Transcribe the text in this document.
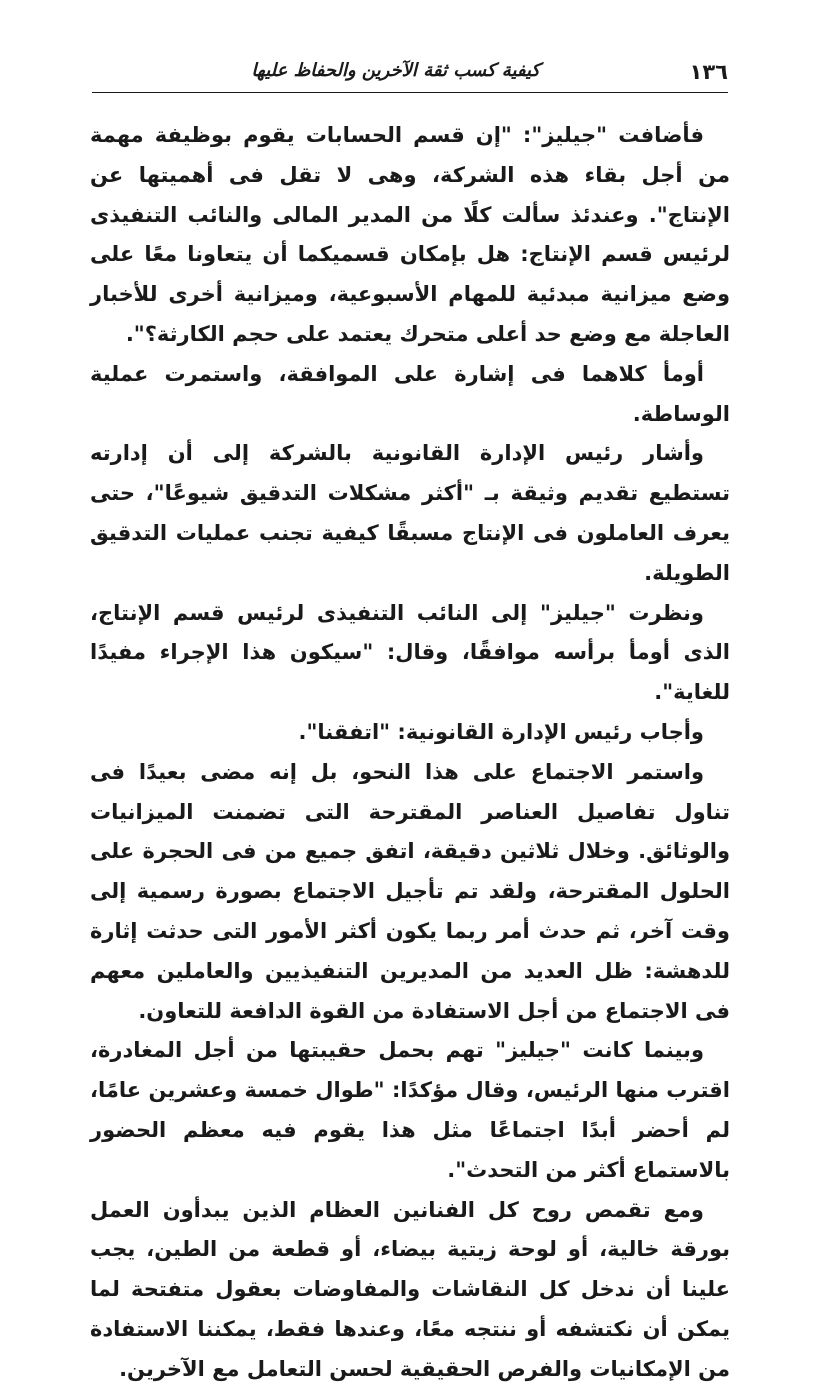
١٣٦
كيفية كسب ثقة الآخرين والحفاظ عليها

فأضافت "جيليز": "إن قسم الحسابات يقوم بوظيفة مهمة من أجل بقاء هذه الشركة، وهى لا تقل فى أهميتها عن الإنتاج". وعندئذ سألت كلًا من المدير المالى والنائب التنفيذى لرئيس قسم الإنتاج: هل بإمكان قسميكما أن يتعاونا معًا على وضع ميزانية مبدئية للمهام الأسبوعية، وميزانية أخرى للأخبار العاجلة مع وضع حد أعلى متحرك يعتمد على حجم الكارثة؟".

أومأ كلاهما فى إشارة على الموافقة، واستمرت عملية الوساطة.

وأشار رئيس الإدارة القانونية بالشركة إلى أن إدارته تستطيع تقديم وثيقة بـ "أكثر مشكلات التدقيق شيوعًا"، حتى يعرف العاملون فى الإنتاج مسبقًا كيفية تجنب عمليات التدقيق الطويلة.

ونظرت "جيليز" إلى النائب التنفيذى لرئيس قسم الإنتاج، الذى أومأ برأسه موافقًا، وقال: "سيكون هذا الإجراء مفيدًا للغاية".

وأجاب رئيس الإدارة القانونية: "اتفقنا".

واستمر الاجتماع على هذا النحو، بل إنه مضى بعيدًا فى تناول تفاصيل العناصر المقترحة التى تضمنت الميزانيات والوثائق. وخلال ثلاثين دقيقة، اتفق جميع من فى الحجرة على الحلول المقترحة، ولقد تم تأجيل الاجتماع بصورة رسمية إلى وقت آخر، ثم حدث أمر ربما يكون أكثر الأمور التى حدثت إثارة للدهشة: ظل العديد من المديرين التنفيذيين والعاملين معهم فى الاجتماع من أجل الاستفادة من القوة الدافعة للتعاون.

وبينما كانت "جيليز" تهم بحمل حقيبتها من أجل المغادرة، اقترب منها الرئيس، وقال مؤكدًا: "طوال خمسة وعشرين عامًا، لم أحضر أبدًا اجتماعًا مثل هذا يقوم فيه معظم الحضور بالاستماع أكثر من التحدث".

ومع تقمص روح كل الفنانين العظام الذين يبدأون العمل بورقة خالية، أو لوحة زيتية بيضاء، أو قطعة من الطين، يجب علينا أن ندخل كل النقاشات والمفاوضات بعقول متفتحة لما يمكن أن نكتشفه أو ننتجه معًا، وعندها فقط، يمكننا الاستفادة من الإمكانيات والفرص الحقيقية لحسن التعامل مع الآخرين.
